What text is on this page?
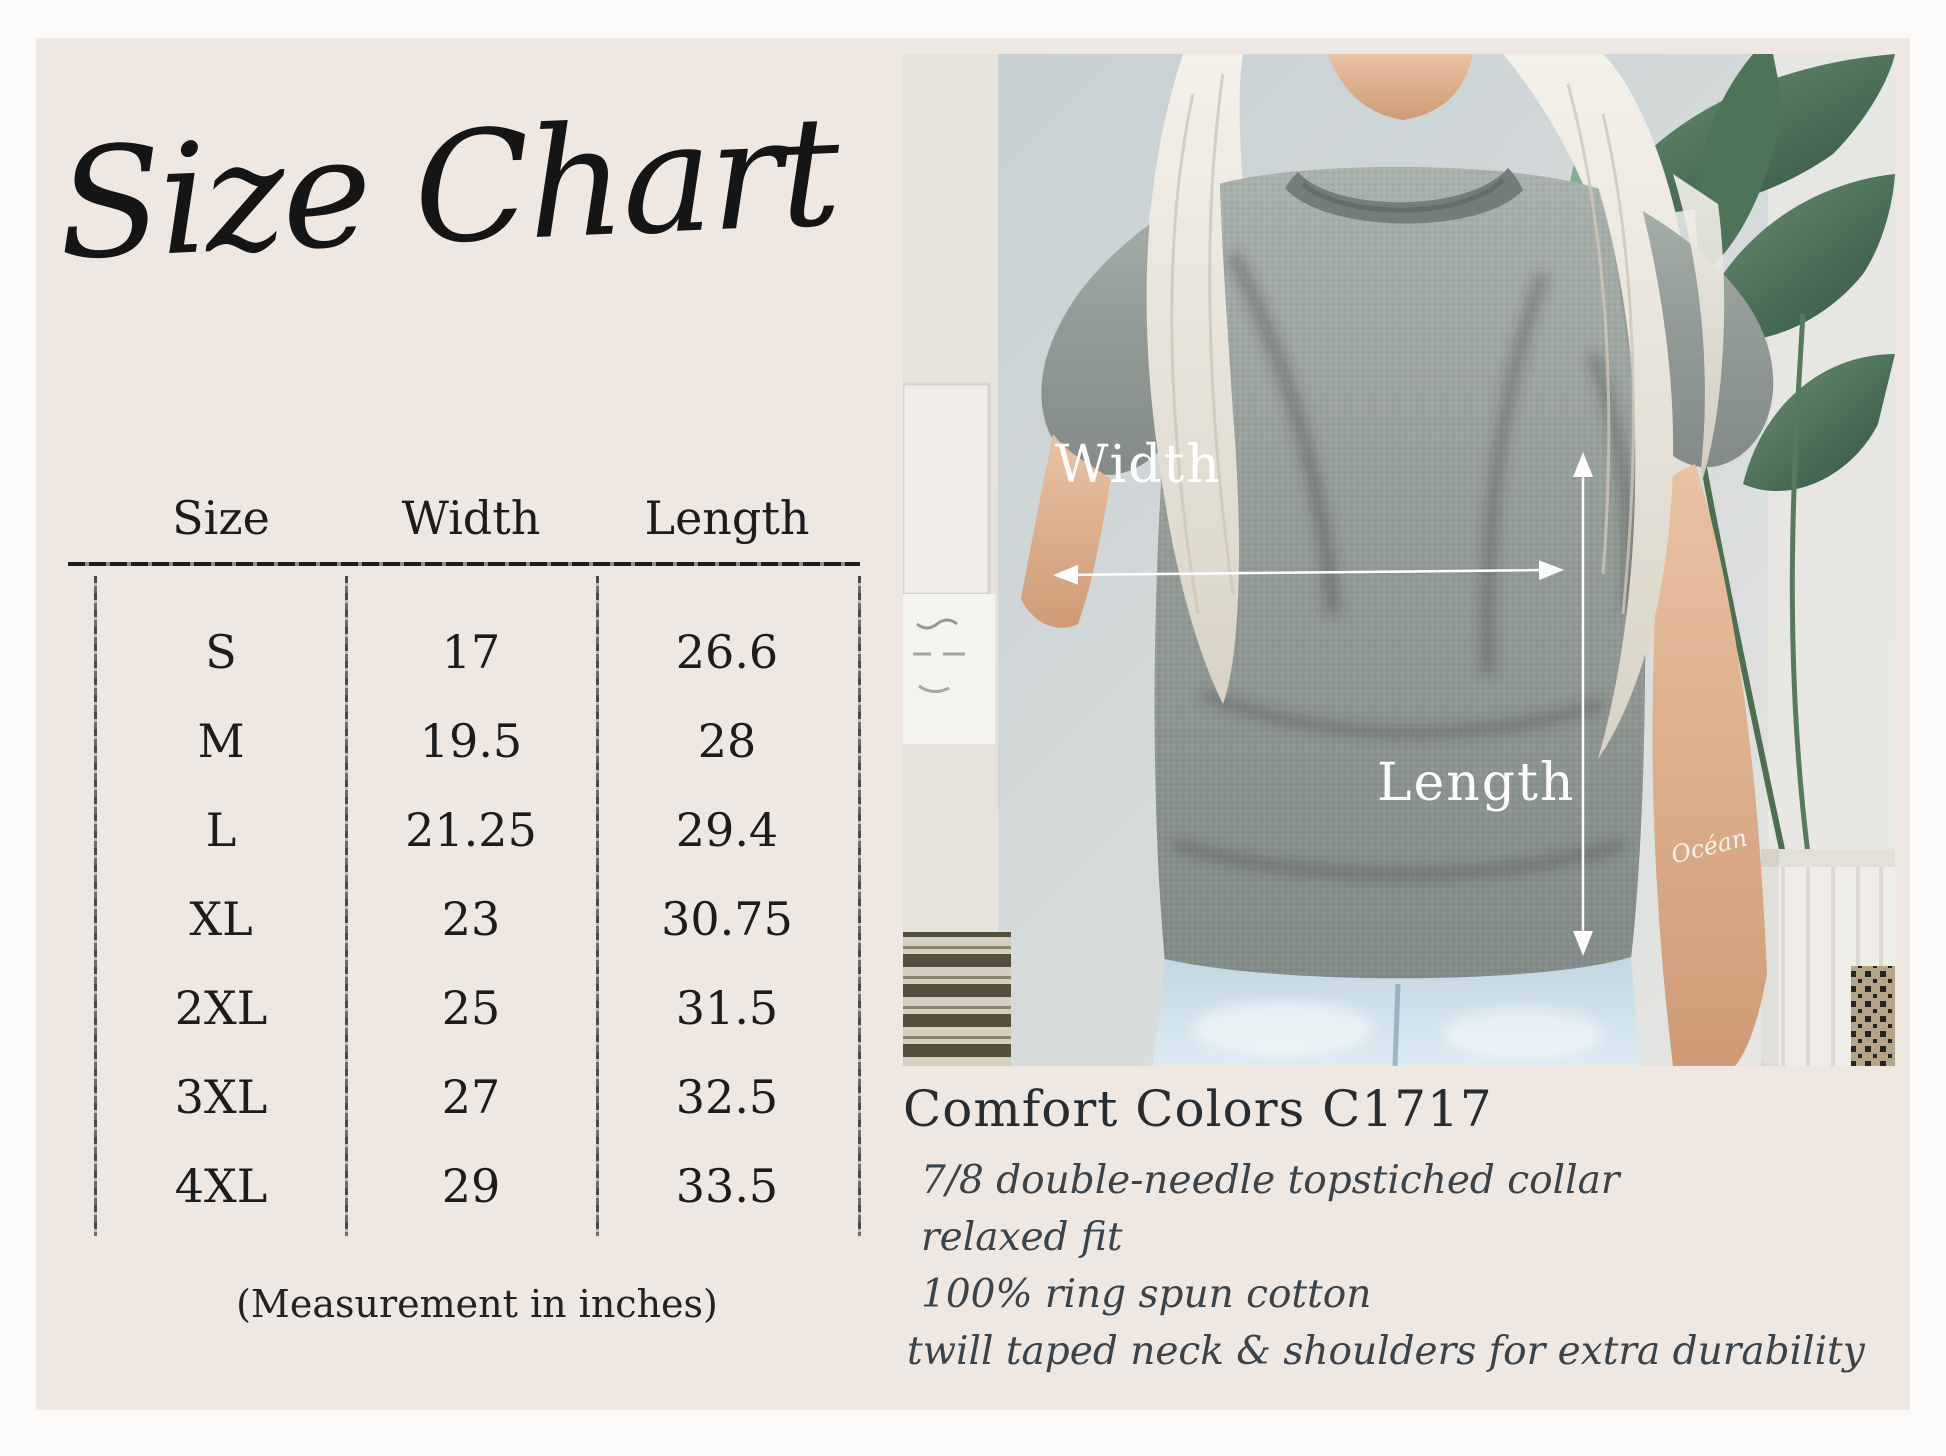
Size Chart
Size	Width	Length
S	17	26.6
M	19.5	28
L	21.25	29.4
XL	23	30.75
2XL	25	31.5
3XL	27	32.5
4XL	29	33.5
(Measurement in inches)
Océan
Width
Length
Comfort Colors C1717
7/8 double-needle topstiched collar
relaxed fit
100% ring spun cotton
twill taped neck & shoulders for extra durability
